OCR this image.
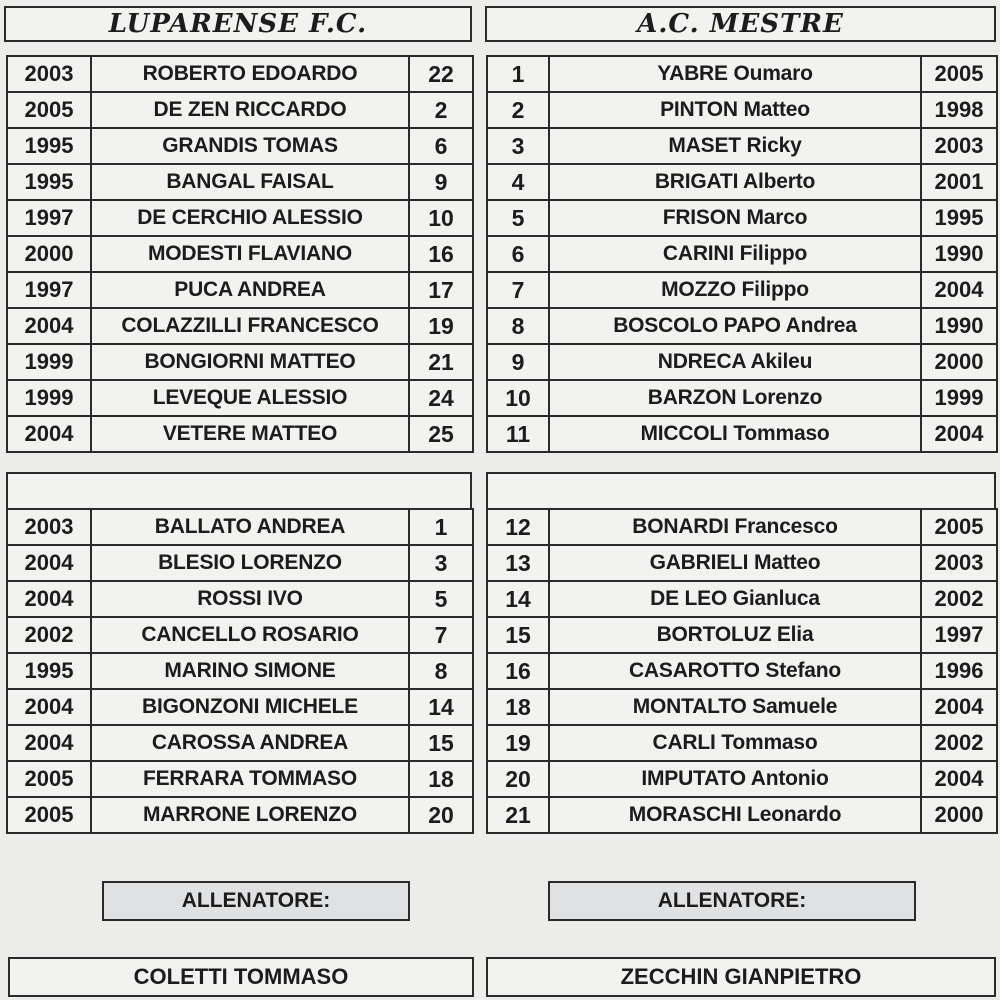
LUPARENSE F.C.	A.C. MESTRE
2003	ROBERTO EDOARDO	22
2005	DE ZEN RICCARDO	2
1995	GRANDIS TOMAS	6
1995	BANGAL FAISAL	9
1997	DE CERCHIO ALESSIO	10
2000	MODESTI FLAVIANO	16
1997	PUCA ANDREA	17
2004	COLAZZILLI FRANCESCO	19
1999	BONGIORNI MATTEO	21
1999	LEVEQUE ALESSIO	24
2004	VETERE MATTEO	25
1	YABRE Oumaro	2005
2	PINTON Matteo	1998
3	MASET Ricky	2003
4	BRIGATI Alberto	2001
5	FRISON Marco	1995
6	CARINI Filippo	1990
7	MOZZO Filippo	2004
8	BOSCOLO PAPO Andrea	1990
9	NDRECA Akileu	2000
10	BARZON Lorenzo	1999
11	MICCOLI Tommaso	2004
2003	BALLATO ANDREA	1
2004	BLESIO LORENZO	3
2004	ROSSI IVO	5
2002	CANCELLO ROSARIO	7
1995	MARINO SIMONE	8
2004	BIGONZONI MICHELE	14
2004	CAROSSA ANDREA	15
2005	FERRARA TOMMASO	18
2005	MARRONE LORENZO	20
12	BONARDI Francesco	2005
13	GABRIELI Matteo	2003
14	DE LEO Gianluca	2002
15	BORTOLUZ Elia	1997
16	CASAROTTO Stefano	1996
18	MONTALTO Samuele	2004
19	CARLI Tommaso	2002
20	IMPUTATO Antonio	2004
21	MORASCHI Leonardo	2000
ALLENATORE:	ALLENATORE:
COLETTI TOMMASO	ZECCHIN GIANPIETRO
